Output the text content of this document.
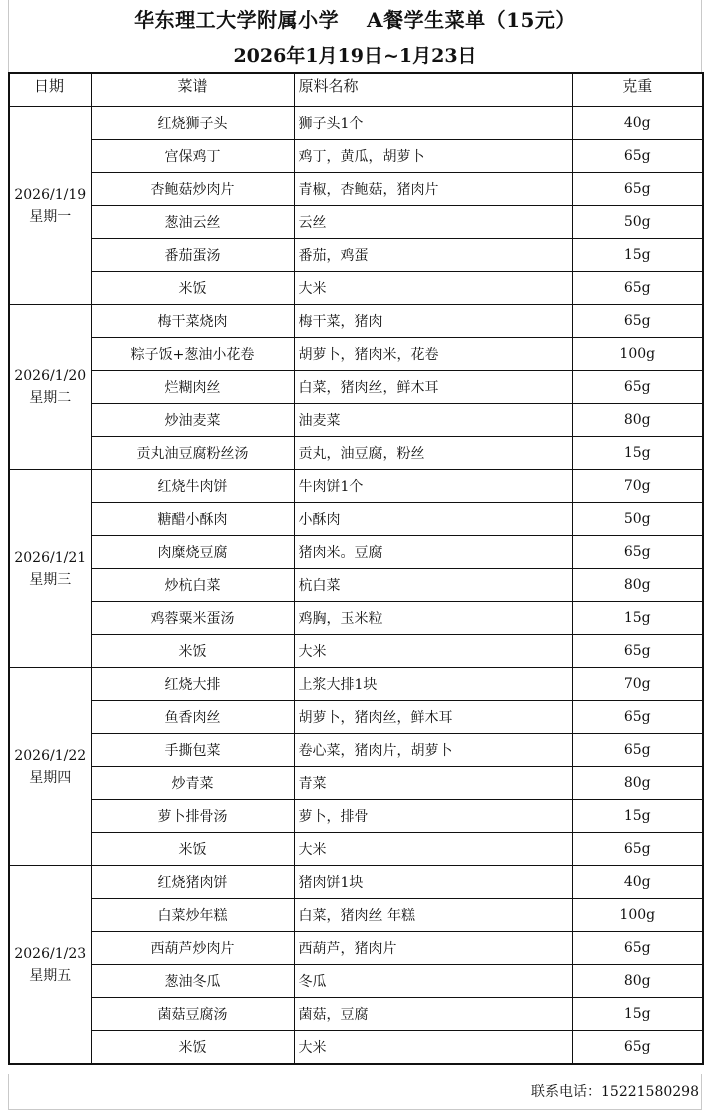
华东理工大学附属小学　 A餐学生菜单（15元）
2026年1月19日~1月23日
日期	菜谱	原料名称	克重

2026/1/19
星期一	红烧狮子头	狮子头1个	40g
	宫保鸡丁	鸡丁，黄瓜，胡萝卜	65g
	杏鲍菇炒肉片	青椒，杏鲍菇，猪肉片	65g
	葱油云丝	云丝	50g
	番茄蛋汤	番茄，鸡蛋	15g
	米饭	大米	65g

2026/1/20
星期二	梅干菜烧肉	梅干菜，猪肉	65g
	粽子饭+葱油小花卷	胡萝卜，猪肉米，花卷	100g
	烂糊肉丝	白菜，猪肉丝，鲜木耳	65g
	炒油麦菜	油麦菜	80g
	贡丸油豆腐粉丝汤	贡丸，油豆腐，粉丝	15g

2026/1/21
星期三	红烧牛肉饼	牛肉饼1个	70g
	糖醋小酥肉	小酥肉	50g
	肉糜烧豆腐	猪肉米。豆腐	65g
	炒杭白菜	杭白菜	80g
	鸡蓉粟米蛋汤	鸡胸，玉米粒	15g
	米饭	大米	65g

2026/1/22
星期四	红烧大排	上浆大排1块	70g
	鱼香肉丝	胡萝卜，猪肉丝，鲜木耳	65g
	手撕包菜	卷心菜，猪肉片，胡萝卜	65g
	炒青菜	青菜	80g
	萝卜排骨汤	萝卜，排骨	15g
	米饭	大米	65g

2026/1/23
星期五	红烧猪肉饼	猪肉饼1块	40g
	白菜炒年糕	白菜，猪肉丝 年糕	100g
	西葫芦炒肉片	西葫芦，猪肉片	65g
	葱油冬瓜	冬瓜	80g
	菌菇豆腐汤	菌菇，豆腐	15g
	米饭	大米	65g
联系电话：15221580298
